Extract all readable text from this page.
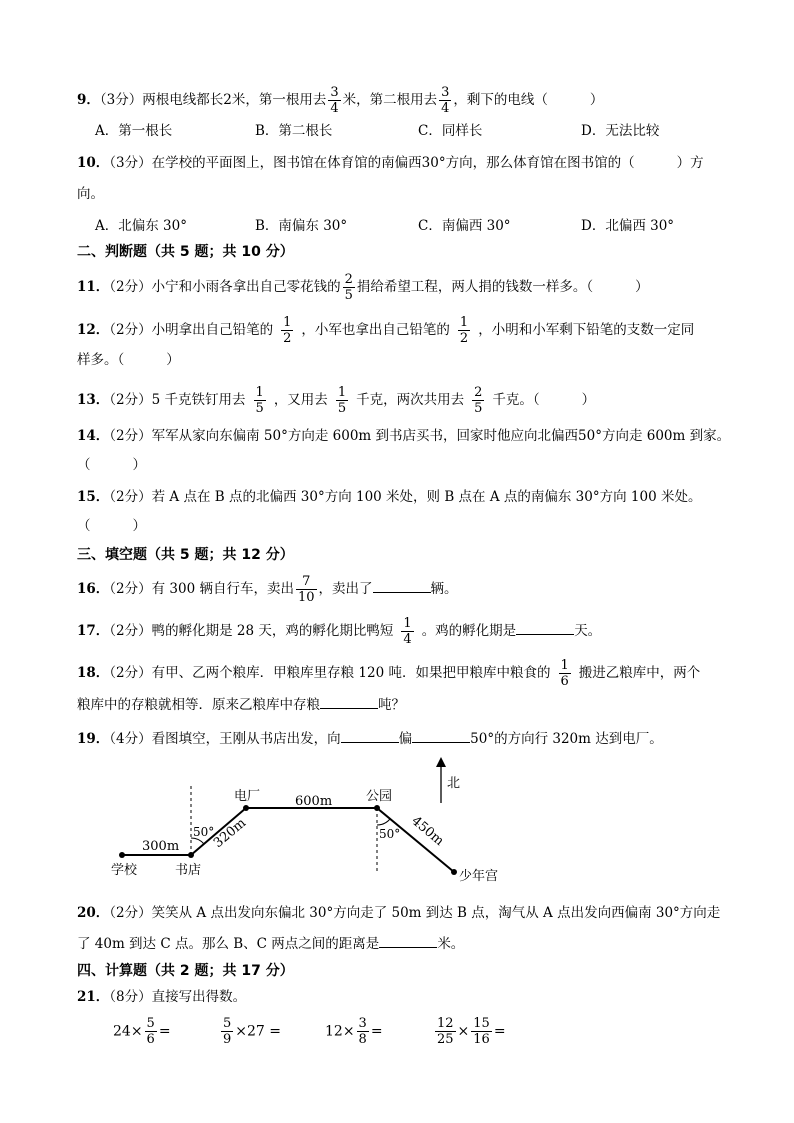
9．（3分）两根电线都长2米，第一根用去 $\frac{3}{4}$ 米，第二根用去 $\frac{3}{4}$ ，剩下的电线（	）
A．第一根长	B．第二根长	C．同样长	D．无法比较
10．（3分）在学校的平面图上，图书馆在体育馆的南偏西30°方向，那么体育馆在图书馆的（	）方
向。
A．北偏东 30°	B．南偏东 30°	C．南偏西 30°	D．北偏西 30°
二、判断题（共 5 题；共 10 分）
11．（2分）小宁和小雨各拿出自己零花钱的 $\frac{2}{5}$ 捐给希望工程，两人捐的钱数一样多。（	）
12．（2分）小明拿出自己铅笔的 $\frac{1}{2}$ ，小军也拿出自己铅笔的 $\frac{1}{2}$ ，小明和小军剩下铅笔的支数一定同
样多。（	）
13．（2分）5 千克铁钉用去 $\frac{1}{5}$ ，又用去 $\frac{1}{5}$ 千克，两次共用去 $\frac{2}{5}$ 千克。（	）
14．（2分）军军从家向东偏南 50°方向走 600m 到书店买书，回家时他应向北偏西50°方向走 600m 到家。
（	）
15．（2分）若 A 点在 B 点的北偏西 30°方向 100 米处，则 B 点在 A 点的南偏东 30°方向 100 米处。
（	）
三、填空题（共 5 题；共 12 分）
16．（2分）有 300 辆自行车，卖出 $\frac{7}{10}$ ，卖出了	辆。
17．（2分）鸭的孵化期是 28 天，鸡的孵化期比鸭短 $\frac{1}{4}$ 。鸡的孵化期是	天。
18．（2分）有甲、乙两个粮库．甲粮库里存粮 120 吨．如果把甲粮库中粮食的 $\frac{1}{6}$ 搬进乙粮库中，两个
粮库中的存粮就相等．原来乙粮库中存粮	吨？
19．（4分）看图填空，王刚从书店出发，向	偏	50°的方向行 320m 达到电厂。
北
学校	书店
电厂	公园
少年宫
300m
600m
320m	450m
50°	50°
20．（2分）笑笑从 A 点出发向东偏北 30°方向走了 50m 到达 B 点，淘气从 A 点出发向西偏南 30°方向走
了 40m 到达 C 点。那么 B、C 两点之间的距离是	米。
四、计算题（共 2 题；共 17 分）
21．（8分）直接写出得数。
$24\times \frac{5}{6}$ =	$\frac{5}{9} \times 27$ =	$12\times \frac{3}{8}$ =	$\frac{12}{25} \times \frac{15}{16}$ =
